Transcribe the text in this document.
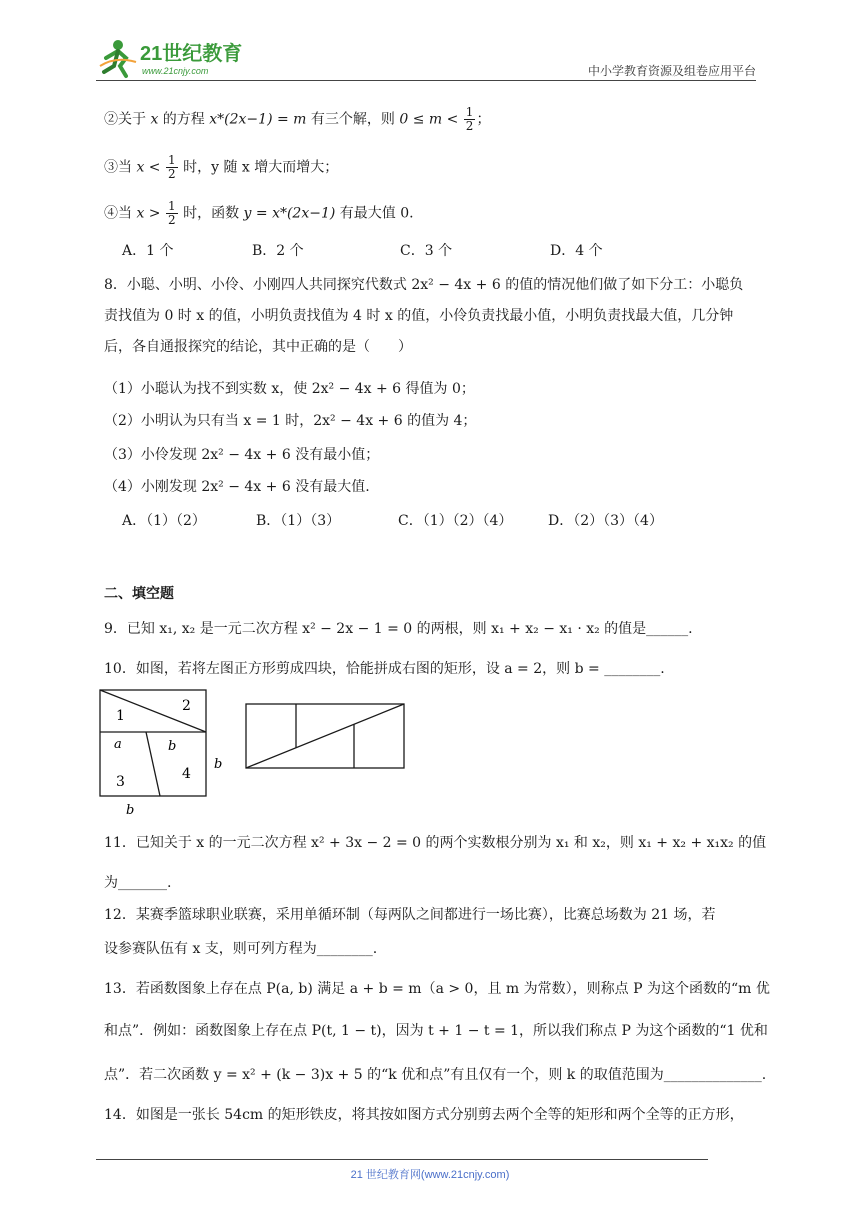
21世纪教育
www.21cnjy.com	中小学教育资源及组卷应用平台
②关于 x 的方程 x*(2x−1) = m 有三个解，则 $0 \le m < \frac{1}{2}$ ；
③当 $x < \frac{1}{2}$ 时，y 随 x 增大而增大；
④当 $x > \frac{1}{2}$ 时，函数 y = x*(2x−1) 有最大值 0.
A．1 个	B．2 个	C．3 个	D．4 个
8．小聪、小明、小伶、小刚四人共同探究代数式 2x² − 4x + 6 的值的情况他们做了如下分工：小聪负
责找值为 0 时 x 的值，小明负责找值为 4 时 x 的值，小伶负责找最小值，小明负责找最大值，几分钟
后，各自通报探究的结论，其中正确的是（　　）
（1）小聪认为找不到实数 x，使 2x² − 4x + 6 得值为 0；
（2）小明认为只有当 x = 1 时，2x² − 4x + 6 的值为 4；
（3）小伶发现 2x² − 4x + 6 没有最小值；
（4）小刚发现 2x² − 4x + 6 没有最大值.
A．（1）（2）	B．（1）（3）	C．（1）（2）（4）	D．（2）（3）（4）
二、填空题
9．已知 x₁, x₂ 是一元二次方程 x² − 2x − 1 = 0 的两根，则 x₁ + x₂ − x₁ · x₂ 的值是______.
10．如图，若将左图正方形剪成四块，恰能拼成右图的矩形，设 a = 2，则 b = ________.
1
2
a	b
3	4
b
b
11．已知关于 x 的一元二次方程 x² + 3x − 2 = 0 的两个实数根分别为 x₁ 和 x₂，则 x₁ + x₂ + x₁x₂ 的值
为_______.
12．某赛季篮球职业联赛，采用单循环制（每两队之间都进行一场比赛），比赛总场数为 21 场，若
设参赛队伍有 x 支，则可列方程为________.
13．若函数图象上存在点 P(a, b) 满足 a + b = m（a > 0，且 m 为常数），则称点 P 为这个函数的“m 优
和点”．例如：函数图象上存在点 P(t, 1 − t)，因为 t + 1 − t = 1，所以我们称点 P 为这个函数的“1 优和
点”．若二次函数 y = x² + (k − 3)x + 5 的“k 优和点”有且仅有一个，则 k 的取值范围为______________.
14．如图是一张长 54cm 的矩形铁皮，将其按如图方式分别剪去两个全等的矩形和两个全等的正方形，
21 世纪教育网(www.21cnjy.com)
